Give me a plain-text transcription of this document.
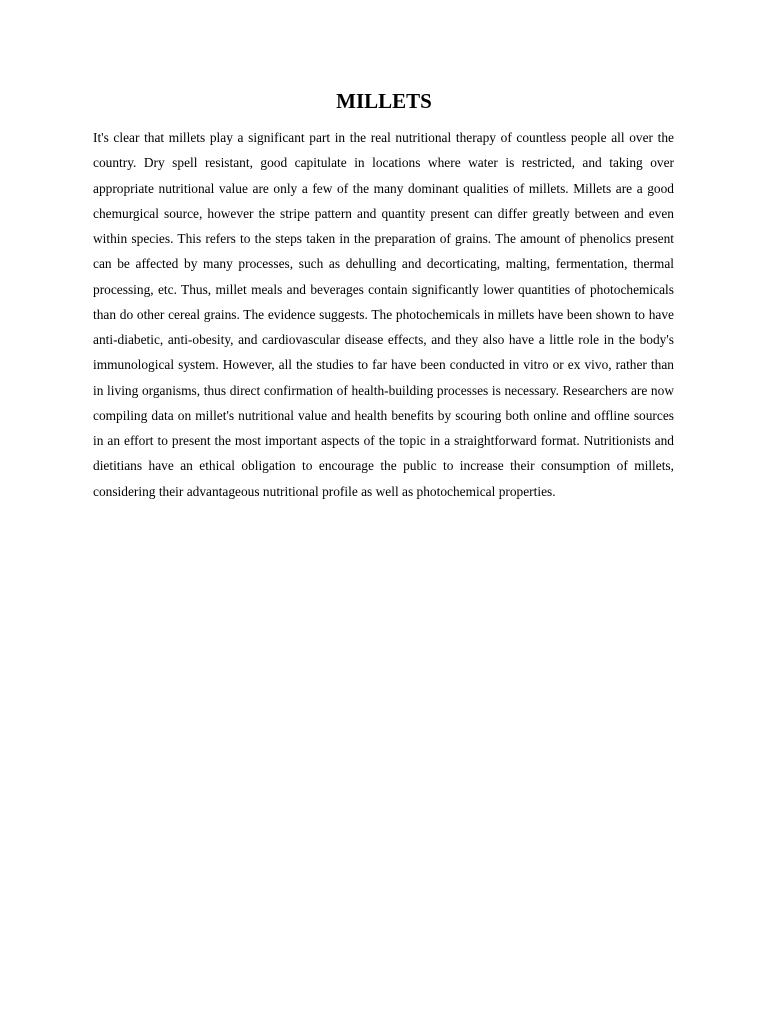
MILLETS

It's clear that millets play a significant part in the real nutritional therapy of countless people all over the country. Dry spell resistant, good capitulate in locations where water is restricted, and taking over appropriate nutritional value are only a few of the many dominant qualities of millets. Millets are a good chemurgical source, however the stripe pattern and quantity present can differ greatly between and even within species. This refers to the steps taken in the preparation of grains. The amount of phenolics present can be affected by many processes, such as dehulling and decorticating, malting, fermentation, thermal processing, etc. Thus, millet meals and beverages contain significantly lower quantities of photochemicals than do other cereal grains. The evidence suggests. The photochemicals in millets have been shown to have anti-diabetic, anti-obesity, and cardiovascular disease effects, and they also have a little role in the body's immunological system. However, all the studies to far have been conducted in vitro or ex vivo, rather than in living organisms, thus direct confirmation of health-building processes is necessary. Researchers are now compiling data on millet's nutritional value and health benefits by scouring both online and offline sources in an effort to present the most important aspects of the topic in a straightforward format. Nutritionists and dietitians have an ethical obligation to encourage the public to increase their consumption of millets, considering their advantageous nutritional profile as well as photochemical properties.
